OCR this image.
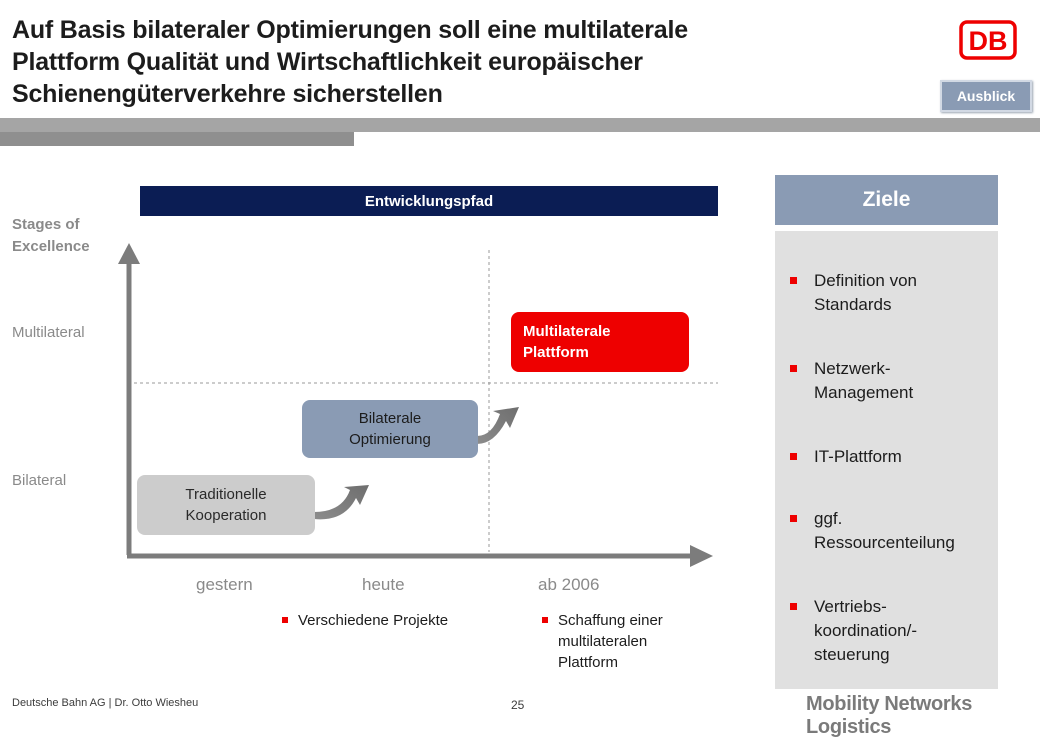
Auf Basis bilateraler Optimierungen soll eine multilaterale
Plattform Qualität und Wirtschaftlichkeit europäischer
Schienengüterverkehre sicherstellen
DB
Ausblick
Entwicklungspfad
Stages of
Excellence
Multilateral
Bilateral
Traditionelle
Kooperation
Bilaterale
Optimierung
Multilaterale
Plattform
gestern	heute	ab 2006
Verschiedene Projekte	Schaffung einer
multilateralen
Plattform
Ziele
Definition von
Standards
Netzwerk-
Management
IT-Plattform
ggf.
Ressourcenteilung
Vertriebs-
koordination/-
steuerung
Deutsche Bahn AG | Dr. Otto Wiesheu	25	Mobility Networks Logistics
